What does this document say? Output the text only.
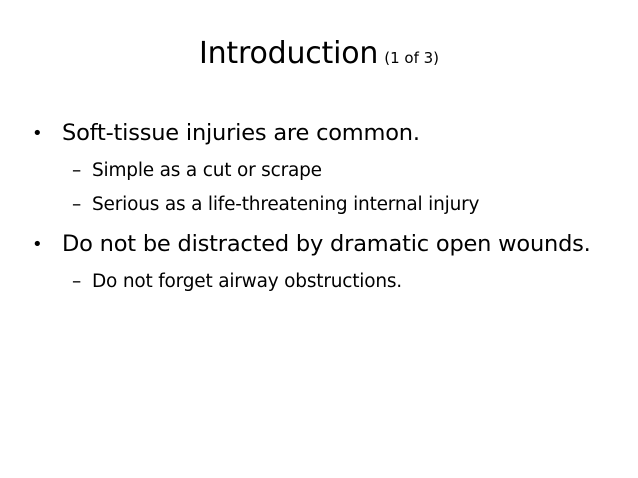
Introduction (1 of 3)
• Soft-tissue injuries are common.
– Simple as a cut or scrape
– Serious as a life-threatening internal injury
• Do not be distracted by dramatic open wounds.
– Do not forget airway obstructions.
